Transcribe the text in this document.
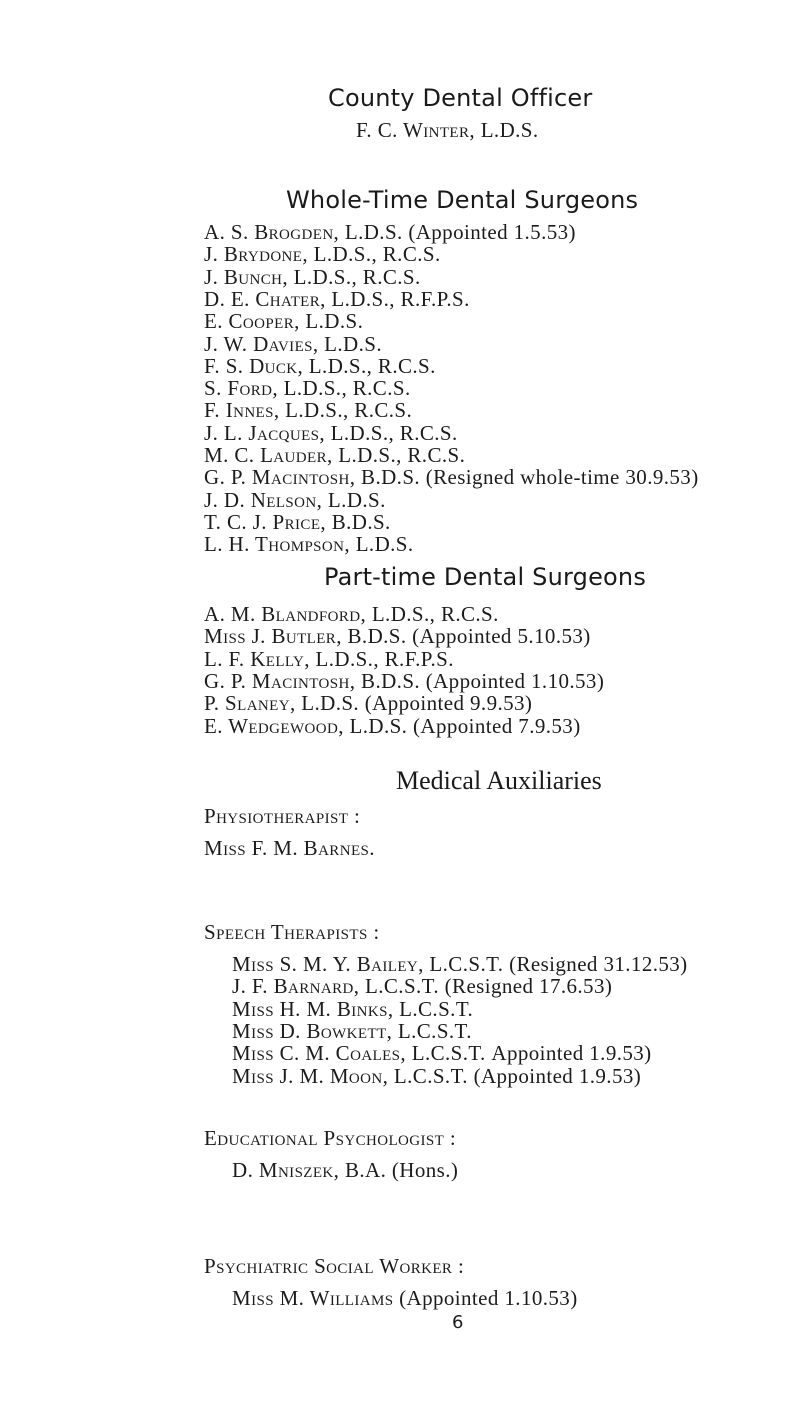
County Dental Officer
F. C. Winter, L.D.S.
Whole-Time Dental Surgeons
A. S. Brogden, L.D.S. (Appointed 1.5.53)
J. Brydone, L.D.S., R.C.S.
J. Bunch, L.D.S., R.C.S.
D. E. Chater, L.D.S., R.F.P.S.
E. Cooper, L.D.S.
J. W. Davies, L.D.S.
F. S. Duck, L.D.S., R.C.S.
S. Ford, L.D.S., R.C.S.
F. Innes, L.D.S., R.C.S.
J. L. Jacques, L.D.S., R.C.S.
M. C. Lauder, L.D.S., R.C.S.
G. P. Macintosh, B.D.S. (Resigned whole-time 30.9.53)
J. D. Nelson, L.D.S.
T. C. J. Price, B.D.S.
L. H. Thompson, L.D.S.
Part-time Dental Surgeons
A. M. Blandford, L.D.S., R.C.S.
Miss J. Butler, B.D.S. (Appointed 5.10.53)
L. F. Kelly, L.D.S., R.F.P.S.
G. P. Macintosh, B.D.S. (Appointed 1.10.53)
P. Slaney, L.D.S. (Appointed 9.9.53)
E. Wedgewood, L.D.S. (Appointed 7.9.53)
Medical Auxiliaries
Physiotherapist :
Miss F. M. Barnes.
Speech Therapists :
Miss S. M. Y. Bailey, L.C.S.T. (Resigned 31.12.53)
J. F. Barnard, L.C.S.T. (Resigned 17.6.53)
Miss H. M. Binks, L.C.S.T.
Miss D. Bowkett, L.C.S.T.
Miss C. M. Coales, L.C.S.T. Appointed 1.9.53)
Miss J. M. Moon, L.C.S.T. (Appointed 1.9.53)
Educational Psychologist :
D. Mniszek, B.A. (Hons.)
Psychiatric Social Worker :
Miss M. Williams (Appointed 1.10.53)
6
